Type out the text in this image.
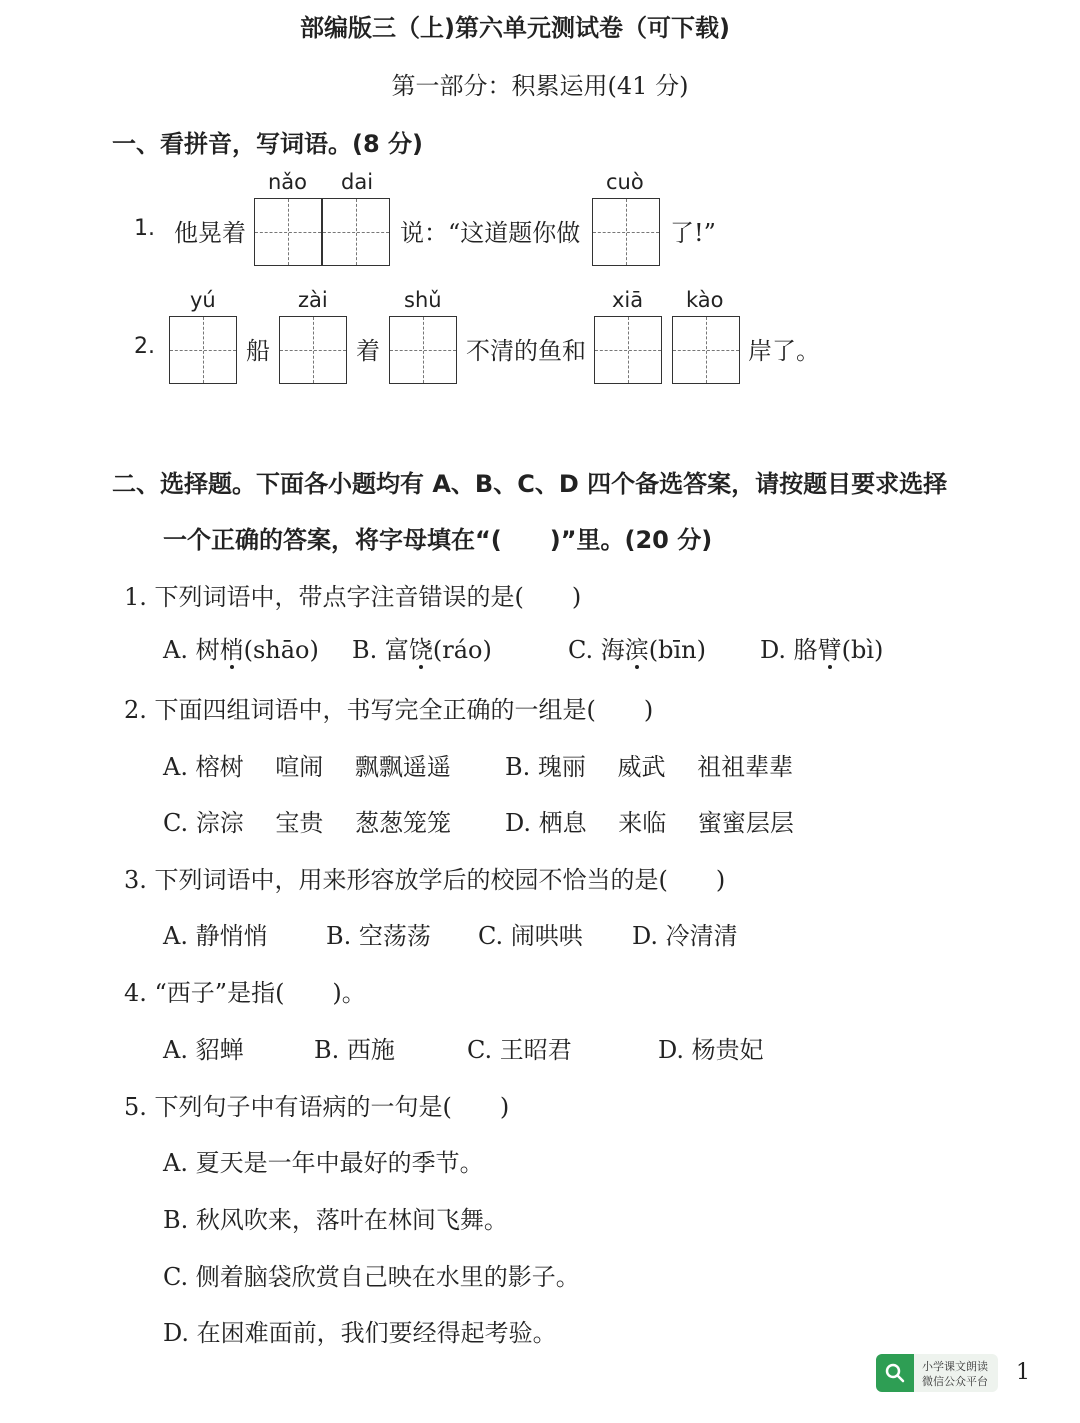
部编版三（上)第六单元测试卷（可下载)
第一部分：积累运用(41 分)
一、看拼音，写词语。(8 分)
1. 他晃着
nǎo dai
说：“这道题你做
cuò
了!”
2.
yú
船
zài
着
shǔ
不清的鱼和
xiā kào
岸了。
二、选择题。下面各小题均有 A、B、C、D 四个备选答案，请按题目要求选择
一个正确的答案，将字母填在“(　　)”里。(20 分)
1. 下列词语中，带点字注音错误的是(　　)
A. 树梢(shāo) B. 富饶(ráo)	C. 海滨(bīn) D. 胳臂(bì)
2. 下面四组词语中，书写完全正确的一组是(　　)
A. 榕树　 喧闹　 飘飘遥遥 B. 瑰丽　 威武　 祖祖辈辈
C. 淙淙　 宝贵　 葱葱笼笼 D. 栖息　 来临　 蜜蜜层层
3. 下列词语中，用来形容放学后的校园不恰当的是(　　)
A. 静悄悄 B. 空荡荡 C. 闹哄哄 D. 冷清清
4. “西子”是指(　　)。
A. 貂蝉	B. 西施	C. 王昭君	D. 杨贵妃
5. 下列句子中有语病的一句是(　　)
A. 夏天是一年中最好的季节。
B. 秋风吹来，落叶在林间飞舞。
C. 侧着脑袋欣赏自己映在水里的影子。
D. 在困难面前，我们要经得起考验。
小学课文朗读
微信公众平台 1
